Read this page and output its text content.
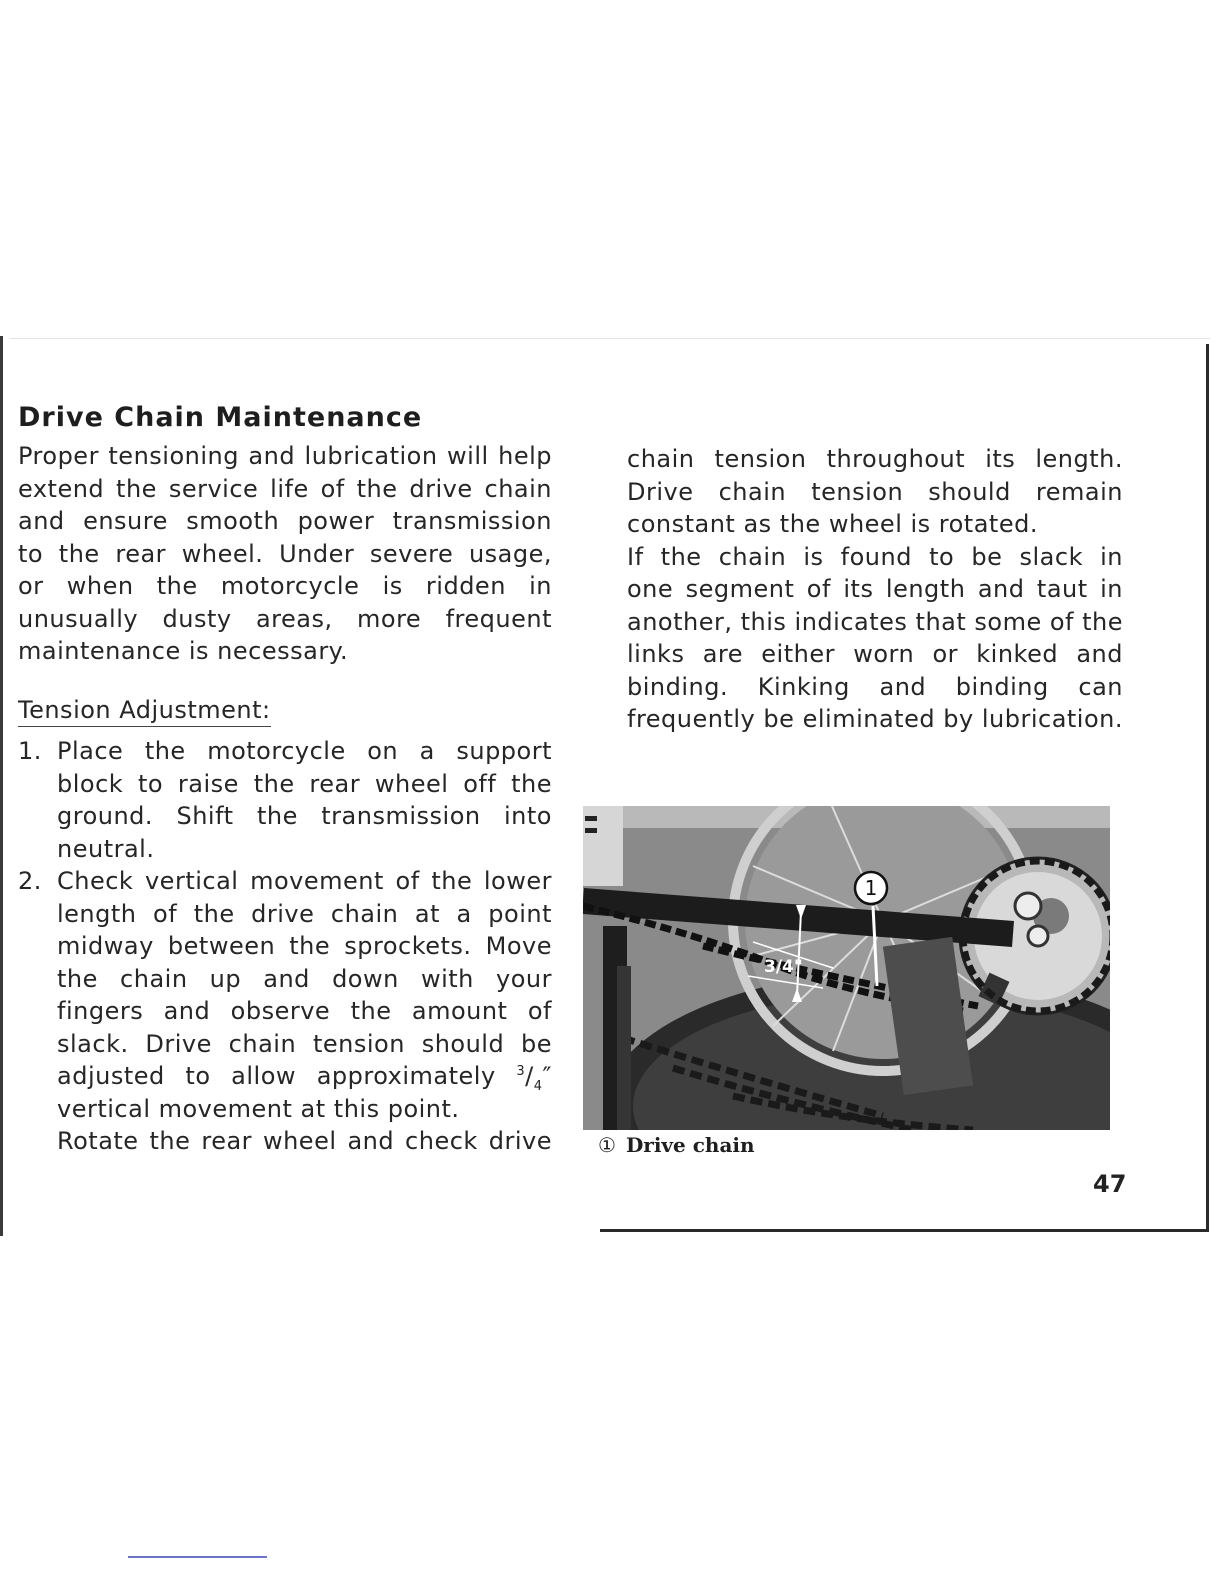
Drive Chain Maintenance
Proper tensioning and lubrication will help
extend the service life of the drive chain
and ensure smooth power transmission
to the rear wheel. Under severe usage,
or when the motorcycle is ridden in
unusually dusty areas, more frequent
maintenance is necessary.
Tension Adjustment:
1. Place the motorcycle on a support
block to raise the rear wheel off the
ground. Shift the transmission into
neutral.
2. Check vertical movement of the lower
length of the drive chain at a point
midway between the sprockets. Move
the chain up and down with your
fingers and observe the amount of
slack. Drive chain tension should be
adjusted to allow approximately $^3/_4''$
vertical movement at this point.
Rotate the rear wheel and check drive
chain tension throughout its length.
Drive chain tension should remain
constant as the wheel is rotated.
If the chain is found to be slack in
one segment of its length and taut in
another, this indicates that some of the
links are either worn or kinked and
binding. Kinking and binding can
frequently be eliminated by lubrication.
3/4"
1
① Drive chain
47
